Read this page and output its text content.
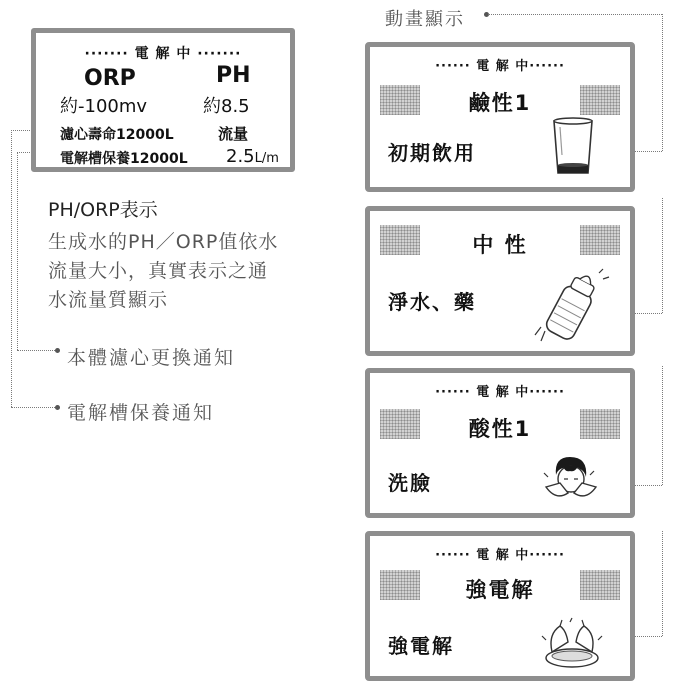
······· 電 解 中 ·······
ORP	PH
約-100mv	約8.5
濾心壽命12000L	流量
電解槽保養12000L 2.5L/m
PH/ORP表示
生成水的PH／ORP值依水
流量大小，真實表示之通
水流量質顯示
本體濾心更換通知
電解槽保養通知
動畫顯示
······ 電 解 中······
鹼性1
初期飲用
中 性
淨水、藥
······ 電 解 中······
酸性1
洗臉
······ 電 解 中······
強電解
強電解
